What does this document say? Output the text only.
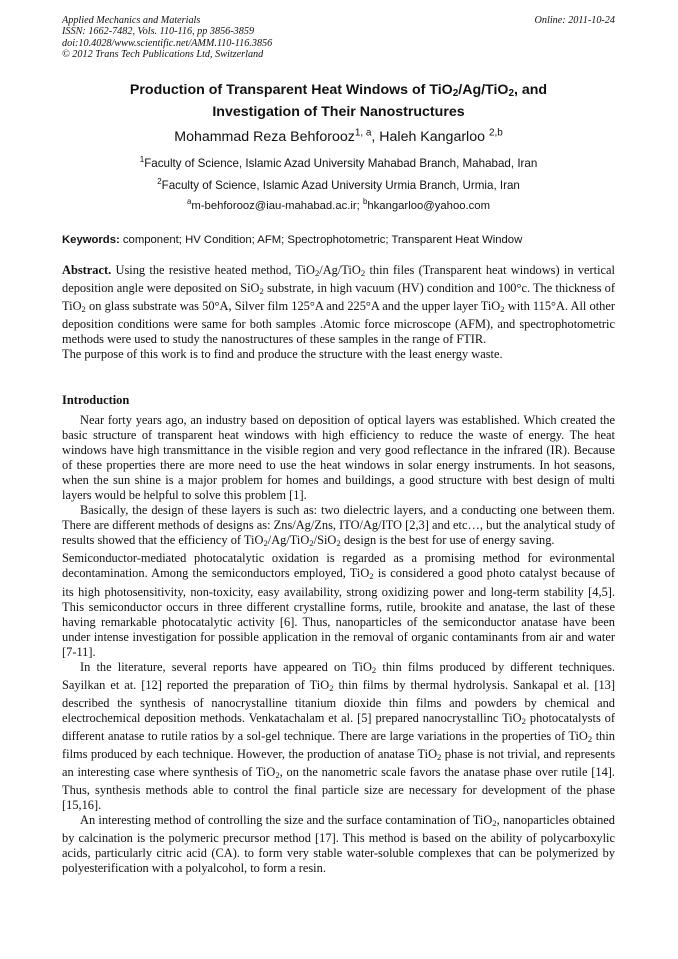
Applied Mechanics and Materials
ISSN: 1662-7482, Vols. 110-116, pp 3856-3859
doi:10.4028/www.scientific.net/AMM.110-116.3856
© 2012 Trans Tech Publications Ltd, Switzerland
Online: 2011-10-24
Production of Transparent Heat Windows of TiO$_2$/Ag/TiO$_2$, and
Investigation of Their Nanostructures
Mohammad Reza Behforooz$^{1, a}$, Haleh Kangarloo $^{2,b}$
$^1$Faculty of Science, Islamic Azad University Mahabad Branch, Mahabad, Iran
$^2$Faculty of Science, Islamic Azad University Urmia Branch, Urmia, Iran
$^a$m-behforooz@iau-mahabad.ac.ir; $^b$hkangarloo@yahoo.com
Keywords: component; HV Condition; AFM; Spectrophotometric; Transparent Heat Window

Abstract. Using the resistive heated method, TiO$_2$/Ag/TiO$_2$ thin files (Transparent heat windows) in vertical deposition angle were deposited on SiO$_2$ substrate, in high vacuum (HV) condition and 100°c. The thickness of TiO$_2$ on glass substrate was 50°A, Silver film 125°A and 225°A and the upper layer TiO$_2$ with 115°A. All other deposition conditions were same for both samples .Atomic force microscope (AFM), and spectrophotometric methods were used to study the nanostructures of these samples in the range of FTIR.

The purpose of this work is to find and produce the structure with the least energy waste.

Introduction

Near forty years ago, an industry based on deposition of optical layers was established. Which created the basic structure of transparent heat windows with high efficiency to reduce the waste of energy. The heat windows have high transmittance in the visible region and very good reflectance in the infrared (IR). Because of these properties there are more need to use the heat windows in solar energy instruments. In hot seasons, when the sun shine is a major problem for homes and buildings, a good structure with best design of multi layers would be helpful to solve this problem [1].

Basically, the design of these layers is such as: two dielectric layers, and a conducting one between them. There are different methods of designs as: Zns/Ag/Zns, ITO/Ag/ITO [2,3] and etc…, but the analytical study of results showed that the efficiency of TiO$_2$/Ag/TiO$_2$/SiO$_2$ design is the best for use of energy saving.

Semiconductor-mediated photocatalytic oxidation is regarded as a promising method for evironmental decontamination. Among the semiconductors employed, TiO$_2$ is considered a good photo catalyst because of its high photosensitivity, non-toxicity, easy availability, strong oxidizing power and long-term stability [4,5]. This semiconductor occurs in three different crystalline forms, rutile, brookite and anatase, the last of these having remarkable photocatalytic activity [6]. Thus, nanoparticles of the semiconductor anatase have been under intense investigation for possible application in the removal of organic contaminants from air and water [7-11].

In the literature, several reports have appeared on TiO$_2$ thin films produced by different techniques. Sayilkan et at. [12] reported the preparation of TiO$_2$ thin films by thermal hydrolysis. Sankapal et al. [13] described the synthesis of nanocrystalline titanium dioxide thin films and powders by chemical and electrochemical deposition methods. Venkatachalam et al. [5] prepared nanocrystallinc TiO$_2$ photocatalysts of different anatase to rutile ratios by a sol-gel technique. There are large variations in the properties of TiO$_2$ thin films produced by each technique. However, the production of anatase TiO$_2$ phase is not trivial, and represents an interesting case where synthesis of TiO$_2$, on the nanometric scale favors the anatase phase over rutile [14]. Thus, synthesis methods able to control the final particle size are necessary for development of the phase [15,16].

An interesting method of controlling the size and the surface contamination of TiO$_2$, nanoparticles obtained by calcination is the polymeric precursor method [17]. This method is based on the ability of polycarboxylic acids, particularly citric acid (CA). to form very stable water-soluble complexes that can be polymerized by polyesterification with a polyalcohol, to form a resin.
